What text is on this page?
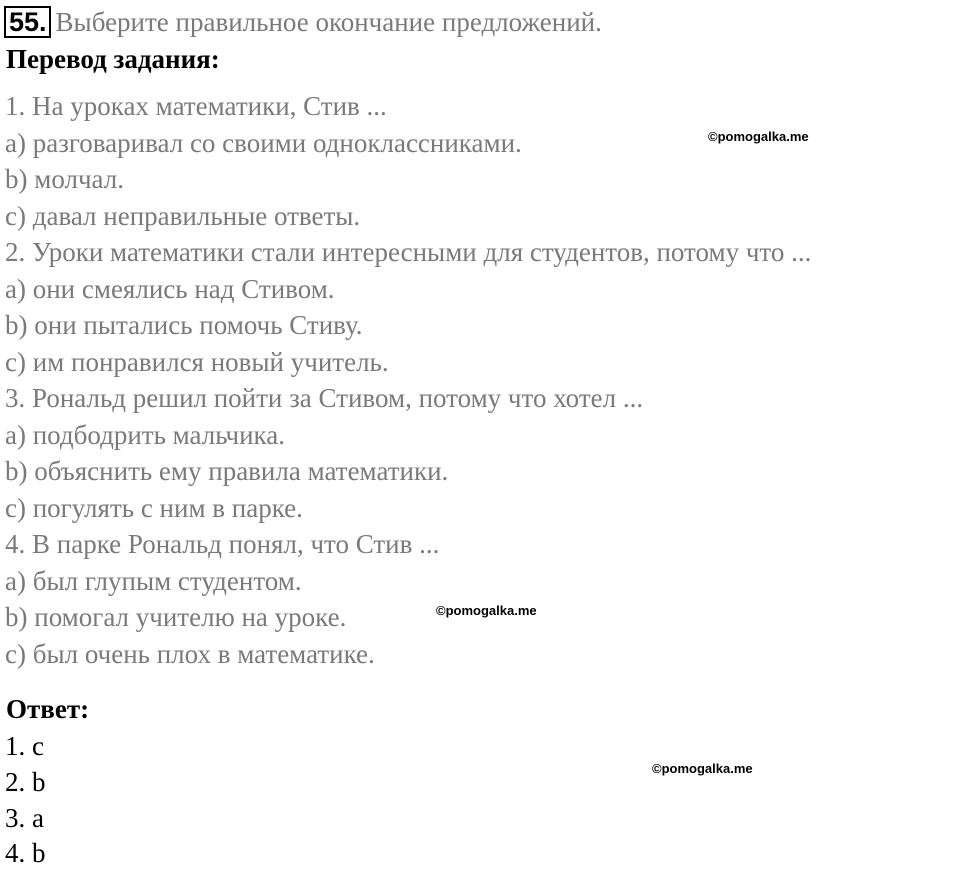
55. Выберите правильное окончание предложений.
Перевод задания:
1. На уроках математики, Стив ...
a) разговаривал со своими одноклассниками.
b) молчал.
c) давал неправильные ответы.
2. Уроки математики стали интересными для студентов, потому что ...
a) они смеялись над Стивом.
b) они пытались помочь Стиву.
c) им понравился новый учитель.
3. Рональд решил пойти за Стивом, потому что хотел ...
a) подбодрить мальчика.
b) объяснить ему правила математики.
c) погулять с ним в парке.
4. В парке Рональд понял, что Стив ...
a) был глупым студентом.
b) помогал учителю на уроке.
c) был очень плох в математике.
Ответ:
1. c
2. b
3. a
4. b
©pomogalka.me
©pomogalka.me
©pomogalka.me
